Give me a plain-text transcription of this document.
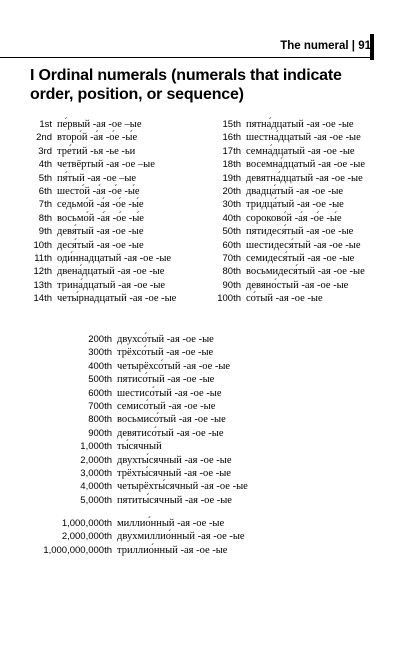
The numeral | 91
I Ordinal numerals (numerals that indicate order, position, or sequence)
1st пе́рвый -ая -ое –ые
2nd второ́й -а́я -о́е -ы́е
3rd тре́тий -ья -ье -ьи
4th четвёртый -ая -ое –ые
5th пя́тый -ая -ое –ые
6th шесто́й -а́я -о́е -ы́е
7th седьмо́й -а́я -о́е -ы́е
8th восьмо́й -а́я -о́е -ы́е
9th девя́тый -ая -ое -ые
10th деся́тый -ая -ое -ые
11th оди́ннадцатый -ая -ое -ые
12th двена́дцатый -ая -ое -ые
13th трина́дцатый -ая -ое -ые
14th четы́рнадцатый -ая -ое -ые
15th пятна́дцатый -ая -ое -ые
16th шестна́дцатый -ая -ое -ые
17th семна́дцатый -ая -ое -ые
18th восемна́дцатый -ая -ое -ые
19th девятна́дцатый -ая -ое -ые
20th двадца́тый -ая -ое -ые
30th тридца́тый -ая -ое -ые
40th сороково́й -а́я -о́е -ы́е
50th пятидеся́тый -ая -ое -ые
60th шестидеся́тый -ая -ое -ые
70th семидеся́тый -ая -ое -ые
80th восьмидеся́тый -ая -ое -ые
90th девяно́стый -ая -ое -ые
100th со́тый -ая -ое -ые
200th двухсо́тый -ая -ое -ые
300th трёхсо́тый -ая -ое -ые
400th четырёхсо́тый -ая -ое -ые
500th пятисо́тый -ая -ое -ые
600th шестисо́тый -ая -ое -ые
700th семисо́тый -ая -ое -ые
800th восьмисо́тый -ая -ое -ые
900th девятисо́тый -ая -ое -ые
1,000th ты́сячный
2,000th двухты́сячный -ая -ое -ые
3,000th трёхты́сячный -ая -ое -ые
4,000th четырёхты́сячный -ая -ое -ые
5,000th пятиты́сячный -ая -ое -ые
1,000,000th миллио́нный -ая -ое -ые
2,000,000th двухмиллио́нный -ая -ое -ые
1,000,000,000th триллио́нный -ая -ое -ые
